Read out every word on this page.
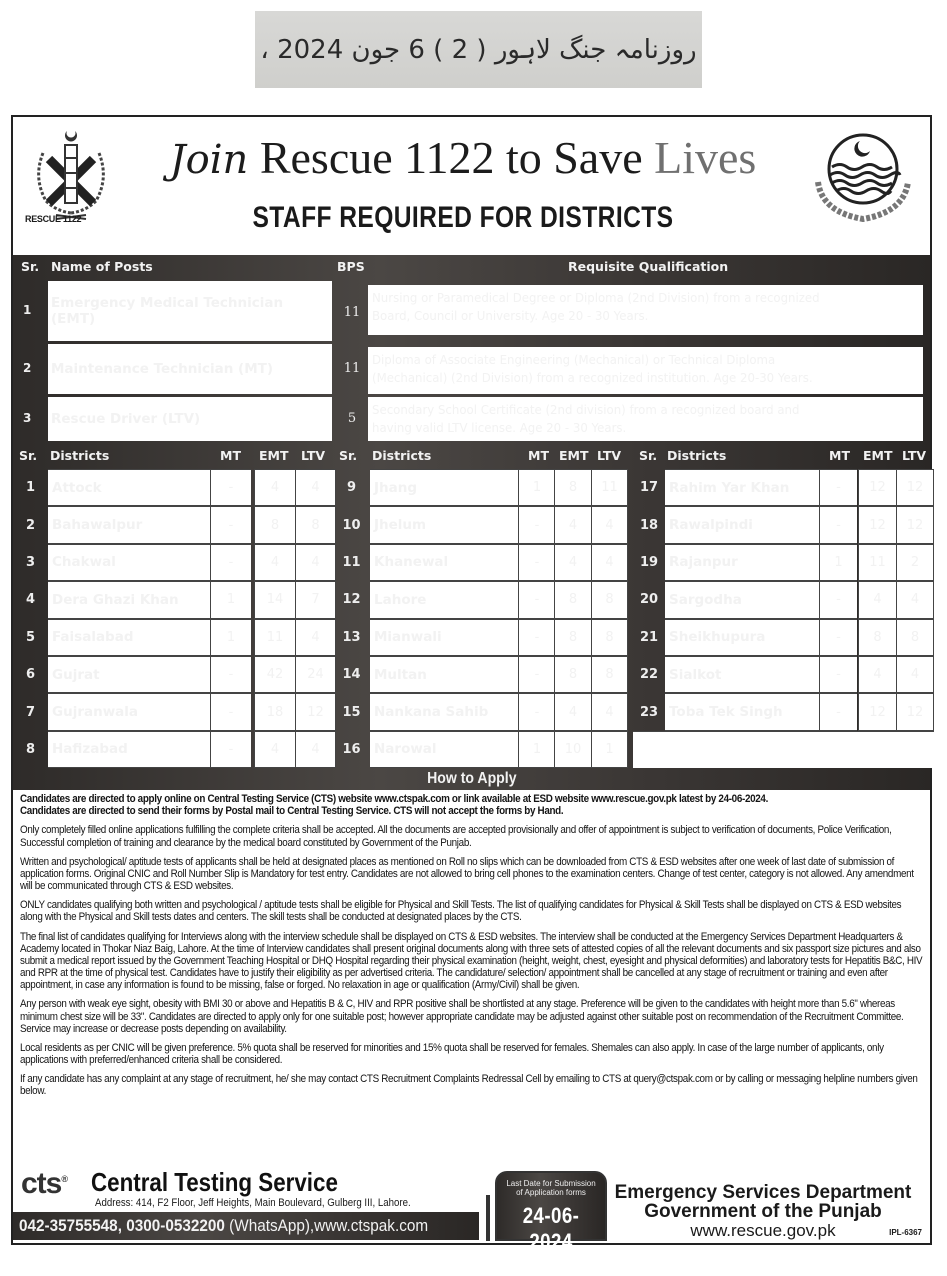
روزنامہ جنگ لاہور ( 2 ) 6 جون 2024 ،
RESCUE 1122
Join Rescue 1122 to Save Lives
STAFF REQUIRED FOR DISTRICTS
Sr. Name of Posts	BPS	Requisite Qualification
1 Emergency Medical Technician
(EMT)	11
Nursing or Paramedical Degree or Diploma (2nd Division) from a recognized
Board, Council or University. Age 20 - 30 Years.
2 Maintenance Technician (MT)	11
Diploma of Associate Engineering (Mechanical) or Technical Diploma
(Mechanical) (2nd Division) from a recognized institution. Age 20-30 Years.
3 Rescue Driver (LTV)	5
Secondary School Certificate (2nd division) from a recognized board and
having valid LTV license. Age 20 - 30 Years.
Sr. Districts	MT EMT LTV
1	Attock	-	4	4
2	Bahawalpur	-	8	8
3	Chakwal	-	4	4
4	Dera Ghazi Khan	1	14	7
5	Faisalabad	1	11	4
6	Gujrat	-	42	24
7	Gujranwala	-	18	12
8	Hafizabad	-	4	4
Sr. Districts	MT EMT LTV
9	Jhang	1	8	11
10 Jhelum	-	4	4
11 Khanewal	-	4	4
12 Lahore	-	8	8
13 Mianwali	-	8	8
14 Multan	-	8	8
15 Nankana Sahib	-	4	4
16 Narowal	1	10	1
Sr. Districts	MT EMT LTV
17 Rahim Yar Khan	-	12	12
18 Rawalpindi	-	12	12
19 Rajanpur	1	11	2
20 Sargodha	-	4	4
21 Sheikhupura	-	8	8
22 Sialkot	-	4	4
23 Toba Tek Singh	-	12	12
How to Apply

Candidates are directed to apply online on Central Testing Service (CTS) website www.ctspak.com or link available at ESD website www.rescue.gov.pk latest by 24-06-2024.

Candidates are directed to send their forms by Postal mail to Central Testing Service. CTS will not accept the forms by Hand.

Only completely filled online applications fulfilling the complete criteria shall be accepted. All the documents are accepted provisionally and offer of appointment is subject to verification of documents, Police Verification, Successful completion of training and clearance by the medical board constituted by Government of the Punjab.

Written and psychological/ aptitude tests of applicants shall be held at designated places as mentioned on Roll no slips which can be downloaded from CTS & ESD websites after one week of last date of submission of application forms. Original CNIC and Roll Number Slip is Mandatory for test entry. Candidates are not allowed to bring cell phones to the examination centers. Change of test center, category is not allowed. Any amendment will be communicated through CTS & ESD websites.

ONLY candidates qualifying both written and psychological / aptitude tests shall be eligible for Physical and Skill Tests. The list of qualifying candidates for Physical & Skill Tests shall be displayed on CTS & ESD websites along with the Physical and Skill tests dates and centers. The skill tests shall be conducted at designated places by the CTS.

The final list of candidates qualifying for Interviews along with the interview schedule shall be displayed on CTS & ESD websites. The interview shall be conducted at the Emergency Services Department Headquarters & Academy located in Thokar Niaz Baig, Lahore. At the time of Interview candidates shall present original documents along with three sets of attested copies of all the relevant documents and six passport size pictures and also submit a medical report issued by the Government Teaching Hospital or DHQ Hospital regarding their physical examination (height, weight, chest, eyesight and physical deformities) and laboratory tests for Hepatitis B&C, HIV and RPR at the time of physical test. Candidates have to justify their eligibility as per advertised criteria. The candidature/ selection/ appointment shall be cancelled at any stage of recruitment or training and even after appointment, in case any information is found to be missing, false or forged. No relaxation in age or qualification (Army/Civil) shall be given.

Any person with weak eye sight, obesity with BMI 30 or above and Hepatitis B & C, HIV and RPR positive shall be shortlisted at any stage. Preference will be given to the candidates with height more than 5.6" whereas minimum chest size will be 33". Candidates are directed to apply only for one suitable post; however appropriate candidate may be adjusted against other suitable post on recommendation of the Recruitment Committee. Service may increase or decrease posts depending on availability.

Local residents as per CNIC will be given preference. 5% quota shall be reserved for minorities and 15% quota shall be reserved for females. Shemales can also apply. In case of the large number of applicants, only applications with preferred/enhanced criteria shall be considered.

If any candidate has any complaint at any stage of recruitment, he/ she may contact CTS Recruitment Complaints Redressal Cell by emailing to CTS at query@ctspak.com or by calling or messaging helpline numbers given below.

cts® Central Testing Service
Address: 414, F2 Floor, Jeff Heights, Main Boulevard, Gulberg III, Lahore.
042-35755548, 0300-0532200 (WhatsApp),www.ctspak.com
Last Date for Submission
of Application forms
24-06-2024
Emergency Services Department
Government of the Punjab
www.rescue.gov.pk	IPL-6367
